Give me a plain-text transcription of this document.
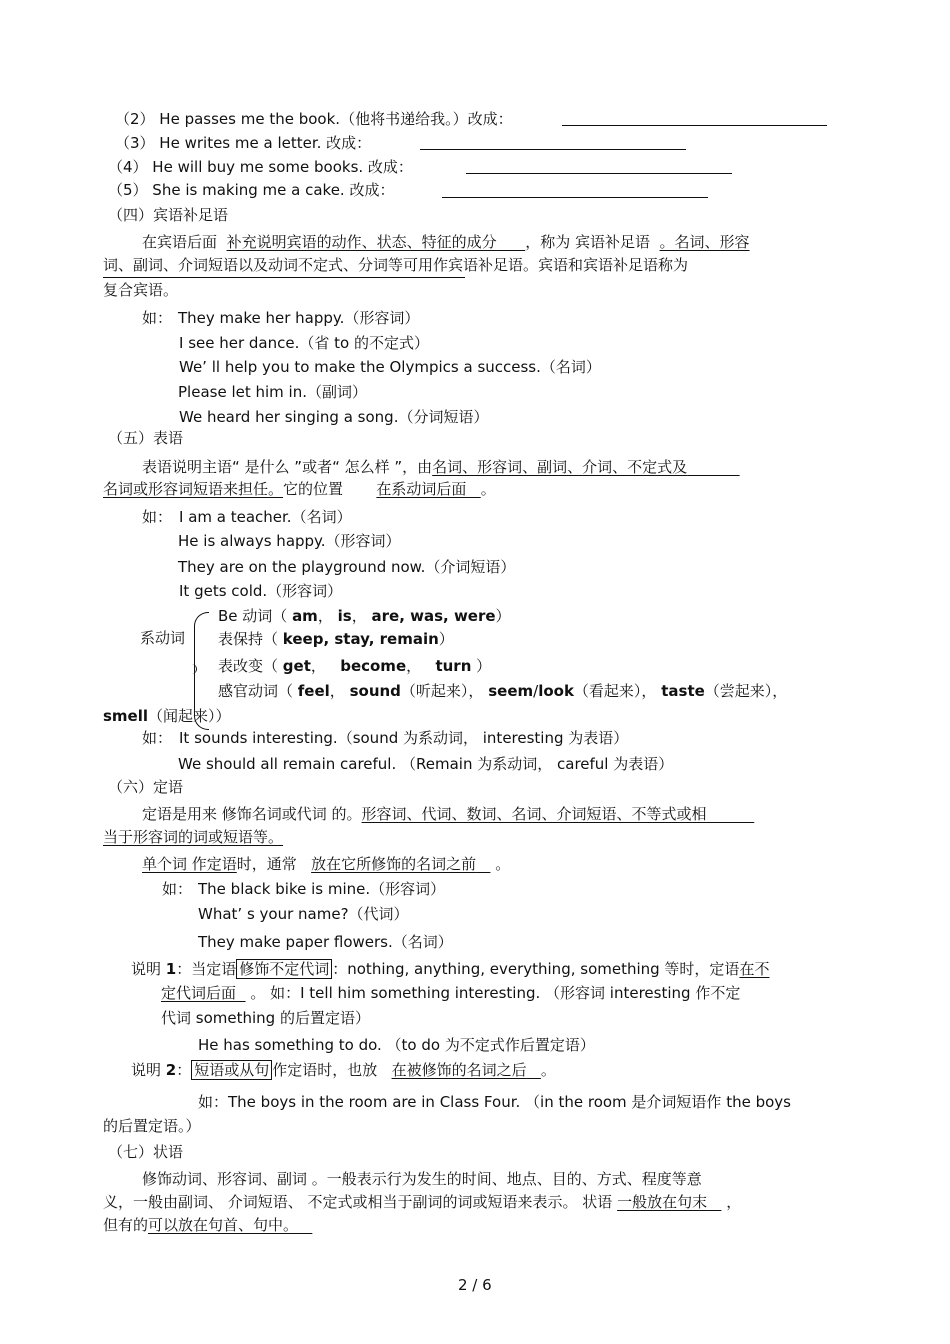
（2） He passes me the book.（他将书递给我。）改成：
（3） He writes me a letter. 改成：
（4） He will buy me some books. 改成：
（5） She is making me a cake. 改成：
（四）宾语补足语
在宾语后面 补充说明宾语的动作、状态、特征的成分 ，称为 宾语补足语 。名词、形容
词、副词、介词短语以及动词不定式、分词等可用作宾语补足语。宾语和宾语补足语称为
复合宾语。
如： They make her happy.（形容词）
I see her dance.（省 to 的不定式）
We’ ll help you to make the Olympics a success.（名词）
Please let him in.（副词）
We heard her singing a song.（分词短语）
（五）表语
表语说明主语“ 是什么 ”或者“ 怎么样 ”，由名词、形容词、副词、介词、不定式及
名词或形容词短语来担任。它的位置 在系动词后面 。
如： I am a teacher.（名词）
He is always happy.（形容词）
They are on the playground now.（介词短语）
It gets cold.（形容词）
系动词
Be 动词（ am， is， are, was, were）
表保持（ keep, stay, remain）
表改变（ get， become， turn ）
感官动词（ feel， sound（听起来）， seem/look（看起来）， taste（尝起来），
smell（闻起来））
如： It sounds interesting.（sound 为系动词， interesting 为表语）
We should all remain careful. （Remain 为系动词， careful 为表语）
（六）定语
定语是用来 修饰名词或代词 的。形容词、代词、数词、名词、介词短语、不等式或相
当于形容词的词或短语等。
单个词 作定语时，通常 放在它所修饰的名词之前 。
如： The black bike is mine.（形容词）
What’ s your name?（代词）
They make paper flowers.（名词）
说明 1：当定语 修饰不定代词 ：nothing, anything, everything, something 等时，定语在不
定代词后面 。 如：I tell him something interesting. （形容词 interesting 作不定
代词 something 的后置定语）
He has something to do. （to do 为不定式作后置定语）
说明 2： 短语或从句 作定语时，也放 在被修饰的名词之后 。
如：The boys in the room are in Class Four. （in the room 是介词短语作 the boys
的后置定语。）
（七）状语
修饰动词、形容词、副词 。一般表示行为发生的时间、地点、目的、方式、程度等意
义，一般由副词、 介词短语、 不定式或相当于副词的词或短语来表示。 状语 一般放在句末 ，
但有的可以放在句首、句中。
2 / 6
